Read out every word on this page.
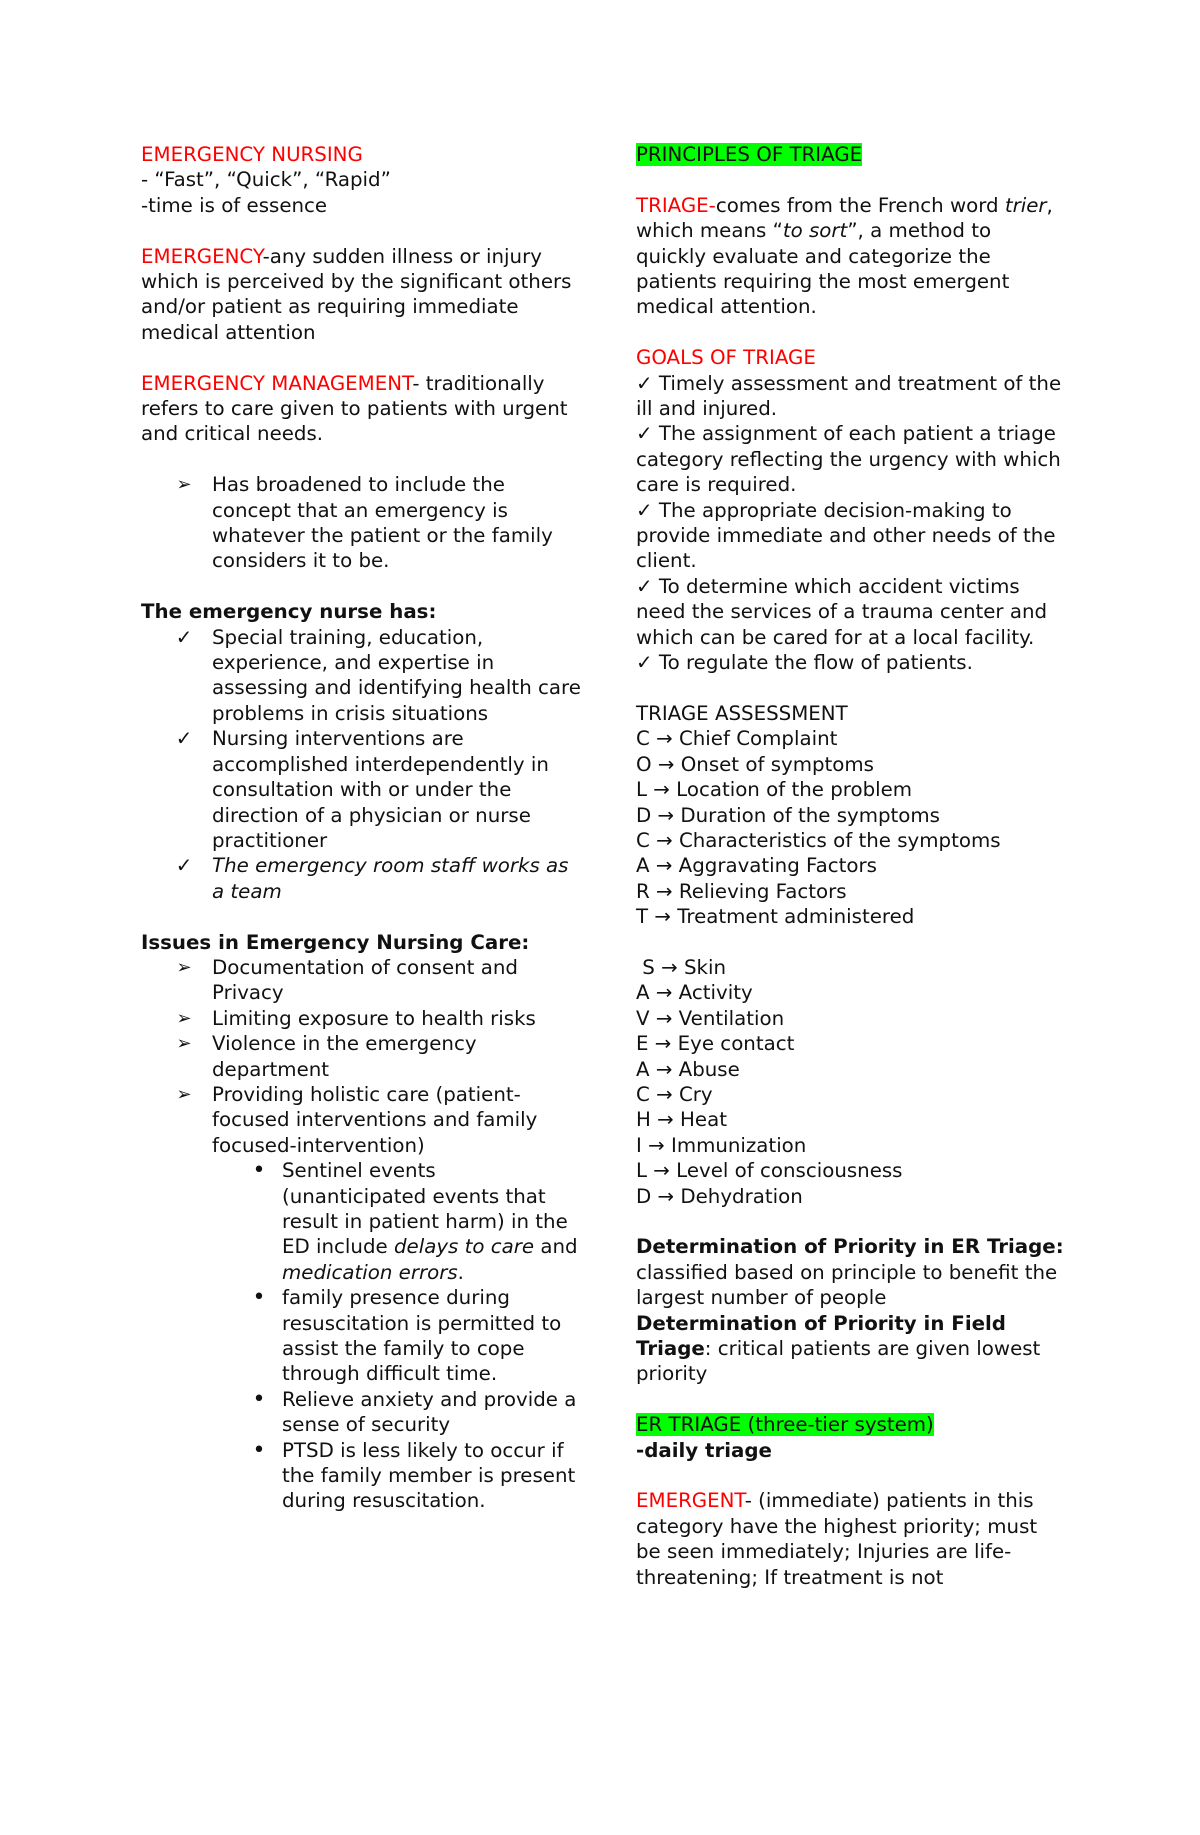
EMERGENCY NURSING

- “Fast”, “Quick”, “Rapid”

-time is of essence

EMERGENCY-any sudden illness or injury which is perceived by the significant others and/or patient as requiring immediate medical attention

EMERGENCY MANAGEMENT- traditionally refers to care given to patients with urgent and critical needs.

➢ Has broadened to include the concept that an emergency is whatever the patient or the family considers it to be.

The emergency nurse has:

✓ Special training, education, experience, and expertise in assessing and identifying health care problems in crisis situations
✓ Nursing interventions are accomplished interdependently in consultation with or under the direction of a physician or nurse practitioner
✓ The emergency room staff works as a team

Issues in Emergency Nursing Care:

➢ Documentation of consent and Privacy
➢ Limiting exposure to health risks
➢ Violence in the emergency department
➢ Providing holistic care (patient-focused interventions and family focused-intervention)
• Sentinel events (unanticipated events that result in patient harm) in the ED include delays to care and medication errors.
• family presence during resuscitation is permitted to assist the family to cope through difficult time.
• Relieve anxiety and provide a sense of security
• PTSD is less likely to occur if the family member is present during resuscitation.

PRINCIPLES OF TRIAGE

TRIAGE-comes from the French word trier, which means “to sort”, a method to quickly evaluate and categorize the patients requiring the most emergent medical attention.

GOALS OF TRIAGE

✓ Timely assessment and treatment of the ill and injured.

✓ The assignment of each patient a triage category reflecting the urgency with which care is required.

✓ The appropriate decision-making to provide immediate and other needs of the client.

✓ To determine which accident victims need the services of a trauma center and which can be cared for at a local facility.

✓ To regulate the flow of patients.

TRIAGE ASSESSMENT

C → Chief Complaint

O → Onset of symptoms

L → Location of the problem

D → Duration of the symptoms

C → Characteristics of the symptoms

A → Aggravating Factors

R → Relieving Factors

T → Treatment administered

S → Skin

A → Activity

V → Ventilation

E → Eye contact

A → Abuse

C → Cry

H → Heat

I → Immunization

L → Level of consciousness

D → Dehydration

Determination of Priority in ER Triage: classified based on principle to benefit the largest number of people

Determination of Priority in Field Triage: critical patients are given lowest priority

ER TRIAGE (three-tier system)

-daily triage

EMERGENT- (immediate) patients in this category have the highest priority; must be seen immediately; Injuries are life-threatening; If treatment is not
